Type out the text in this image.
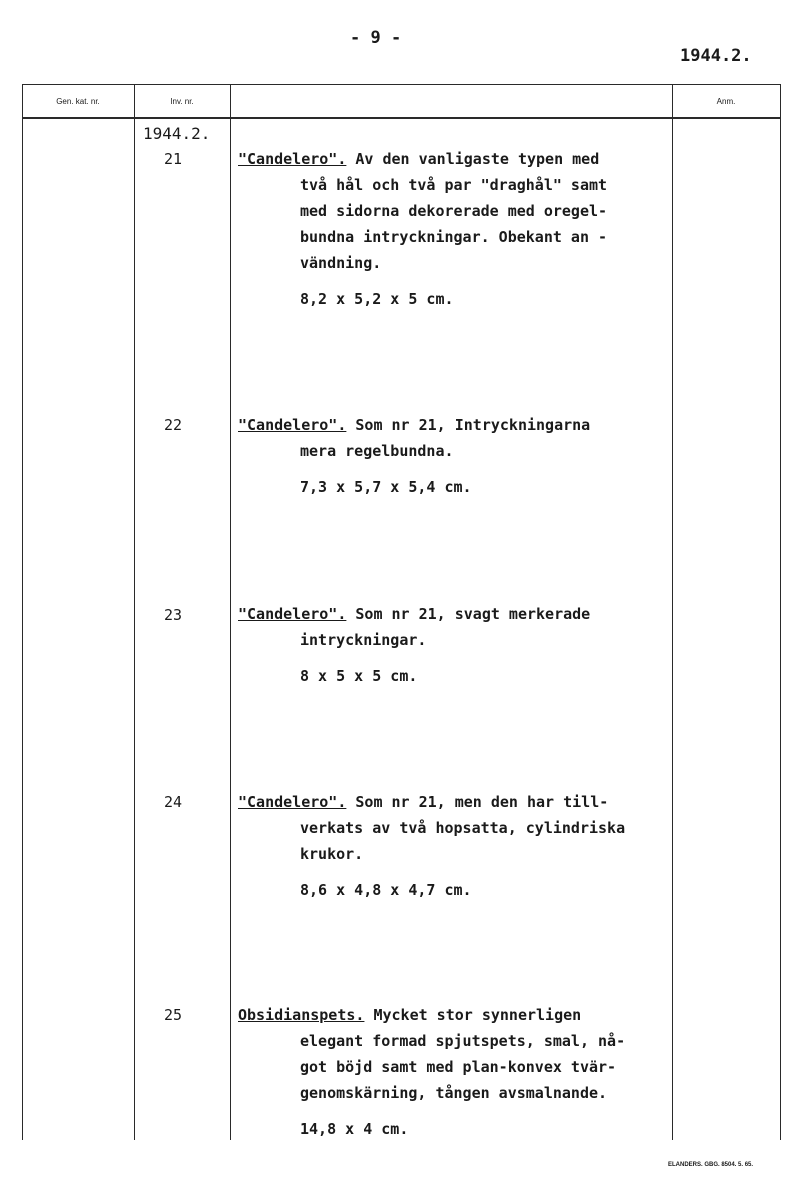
- 9 -
1944.2.
Gen. kat. nr.	Inv. nr.	Anm.
1944.2.
21	"Candelero". Av den vanligaste typen med
två hål och två par "draghål" samt
med sidorna dekorerade med oregel-
bundna intryckningar. Obekant an -
vändning.
8,2 x 5,2 x 5 cm.
22	"Candelero". Som nr 21, Intryckningarna
mera regelbundna.
7,3 x 5,7 x 5,4 cm.
23	"Candelero". Som nr 21, svagt merkerade
intryckningar.
8 x 5 x 5 cm.
24	"Candelero". Som nr 21, men den har till-
verkats av två hopsatta, cylindriska
krukor.
8,6 x 4,8 x 4,7 cm.
25	Obsidianspets. Mycket stor synnerligen
elegant formad spjutspets, smal, nå-
got böjd samt med plan-konvex tvär-
genomskärning, tången avsmalnande.
14,8 x 4 cm.
ELANDERS. GBG. 8504. 5. 65.
